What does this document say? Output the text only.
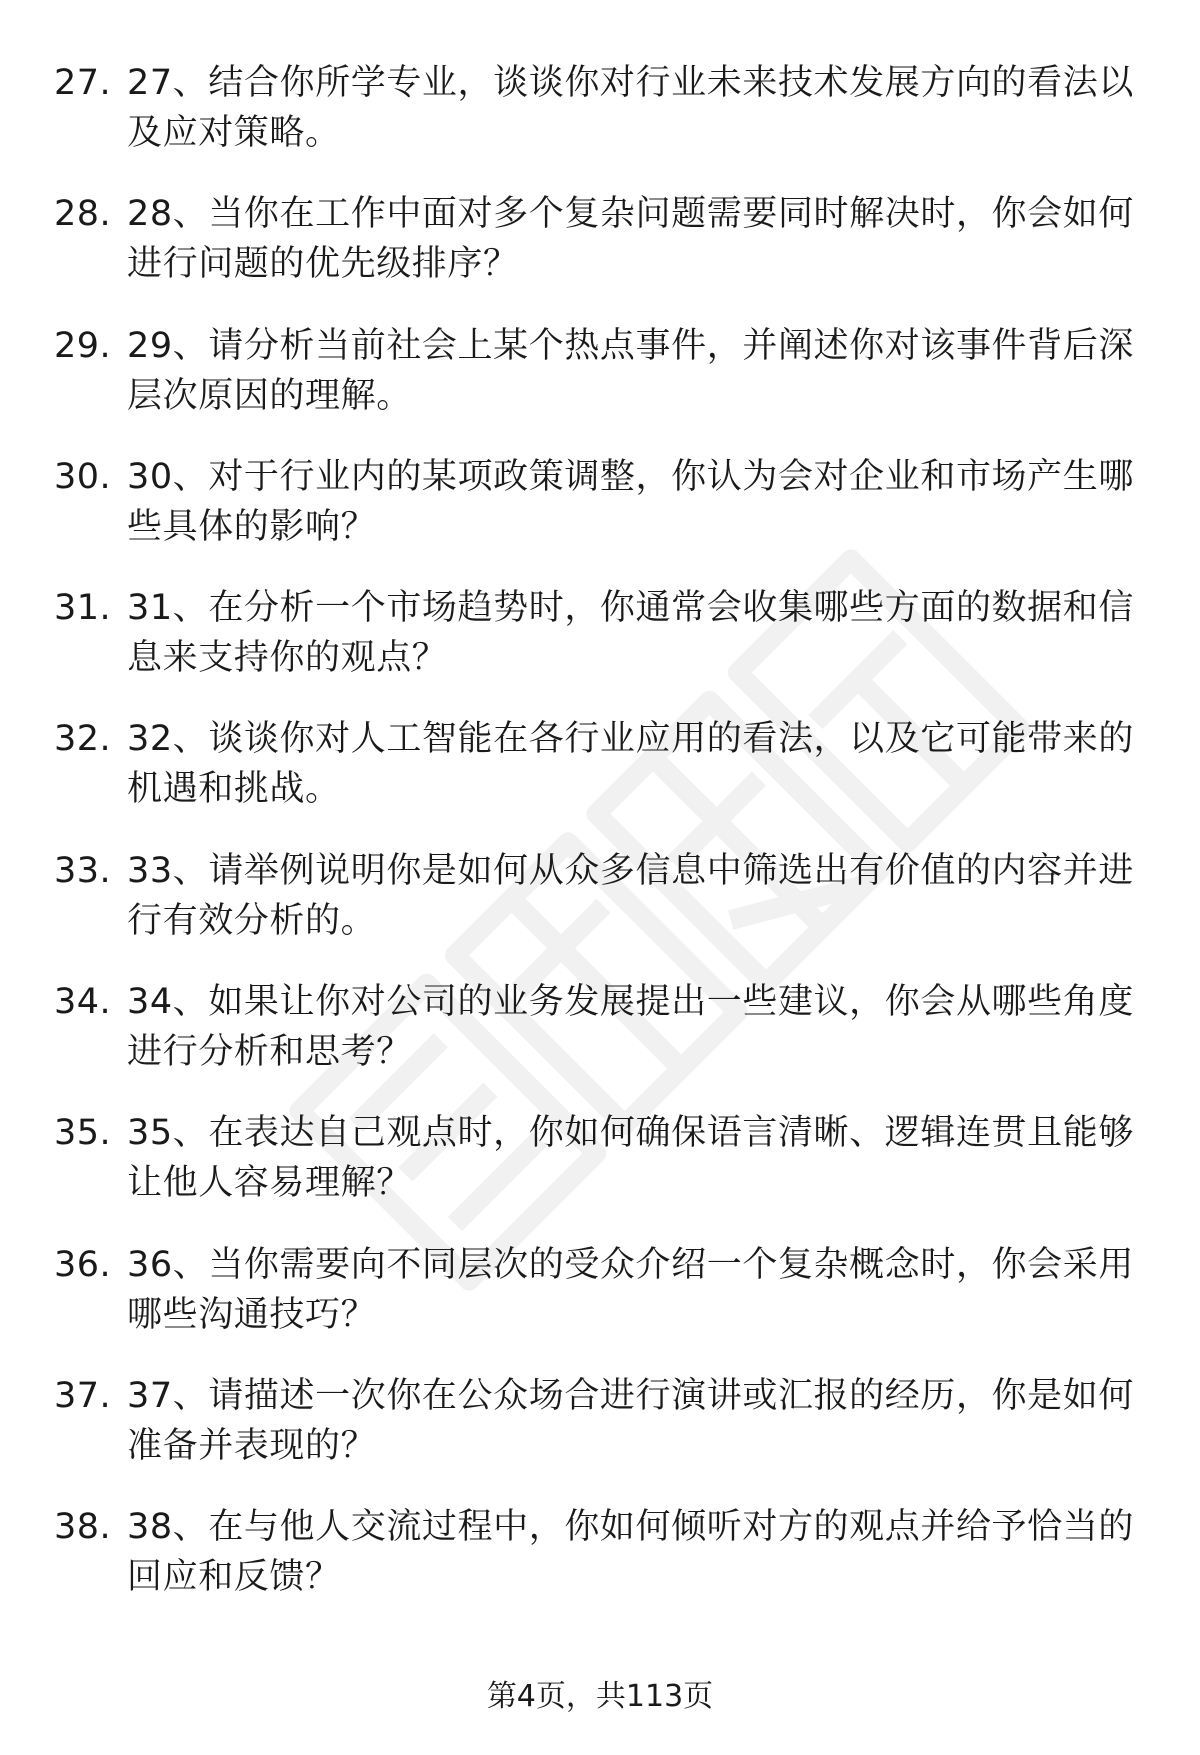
27. 27、结合你所学专业，谈谈你对行业未来技术发展方向的看法以及应对策略。
28. 28、当你在工作中面对多个复杂问题需要同时解决时，你会如何进行问题的优先级排序？
29. 29、请分析当前社会上某个热点事件，并阐述你对该事件背后深层次原因的理解。
30. 30、对于行业内的某项政策调整，你认为会对企业和市场产生哪些具体的影响？
31. 31、在分析一个市场趋势时，你通常会收集哪些方面的数据和信息来支持你的观点？
32. 32、谈谈你对人工智能在各行业应用的看法，以及它可能带来的机遇和挑战。
33. 33、请举例说明你是如何从众多信息中筛选出有价值的内容并进行有效分析的。
34. 34、如果让你对公司的业务发展提出一些建议，你会从哪些角度进行分析和思考？
35. 35、在表达自己观点时，你如何确保语言清晰、逻辑连贯且能够让他人容易理解？
36. 36、当你需要向不同层次的受众介绍一个复杂概念时，你会采用哪些沟通技巧？
37. 37、请描述一次你在公众场合进行演讲或汇报的经历，你是如何准备并表现的？
38. 38、在与他人交流过程中，你如何倾听对方的观点并给予恰当的回应和反馈？
第4页，共113页
